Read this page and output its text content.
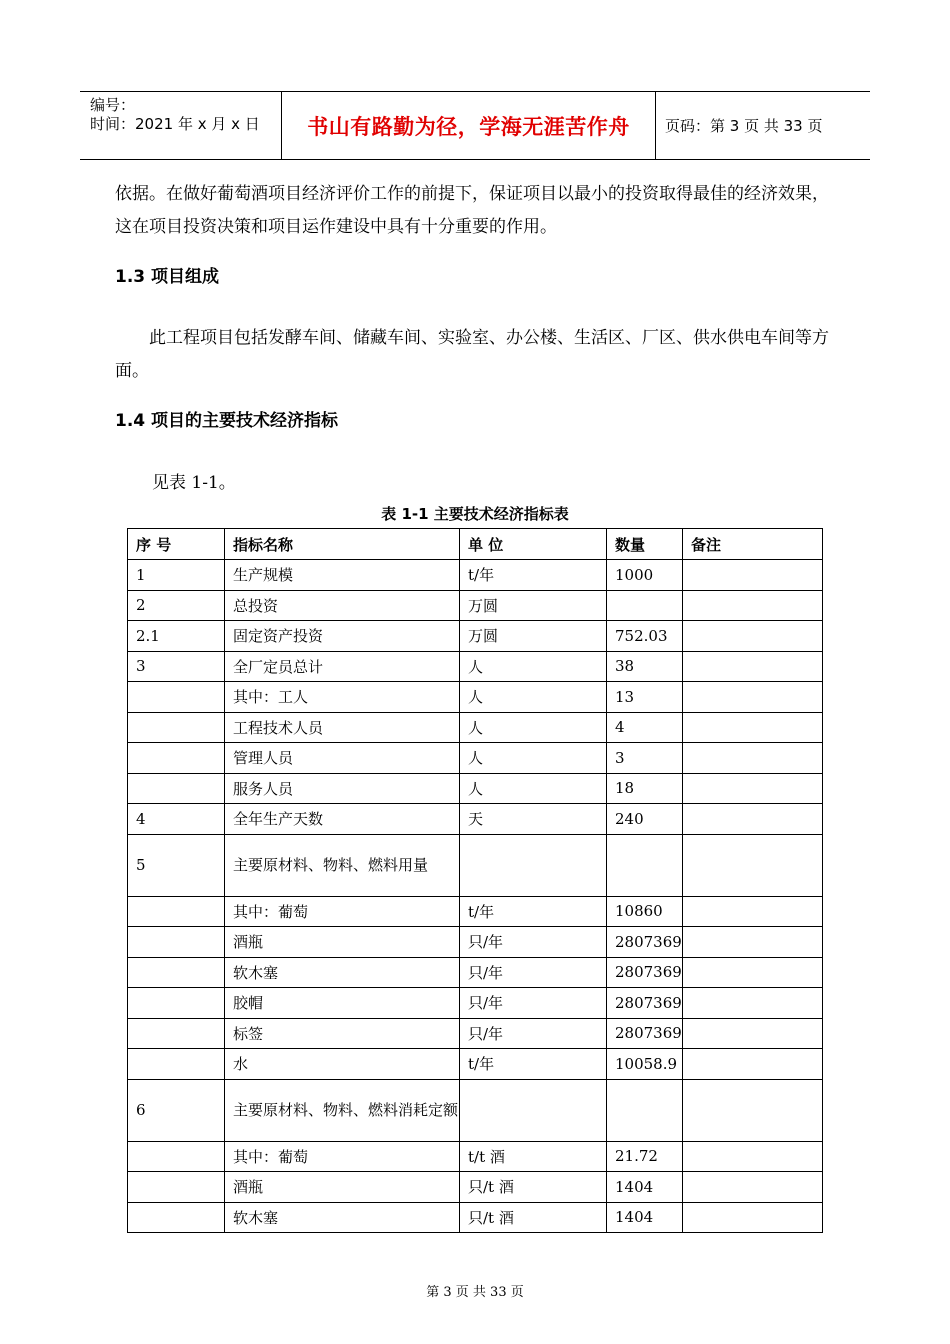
编号：
时间：2021 年 x 月 x 日 书山有路勤为径，学海无涯苦作舟 页码：第 3 页 共 33 页
依据。在做好葡萄酒项目经济评价工作的前提下，保证项目以最小的投资取得最佳的经济效果，这在项目投资决策和项目运作建设中具有十分重要的作用。
1.3 项目组成
此工程项目包括发酵车间、储藏车间、实验室、办公楼、生活区、厂区、供水供电车间等方面。
1.4 项目的主要技术经济指标
见表 1-1。
表 1-1 主要技术经济指标表
序 号	指标名称	单 位	数量	备注
1	生产规模	t/年	1000	
2	总投资	万圆		
2.1	固定资产投资	万圆	752.03	
3	全厂定员总计	人	38	
	其中：工人	人	13	
	工程技术人员	人	4	
	管理人员	人	3	
	服务人员	人	18	
4	全年生产天数	天	240	
5	主要原材料、物料、燃料用量			
	其中：葡萄	t/年	10860	
	酒瓶	只/年	2807369	
	软木塞	只/年	2807369	
	胶帽	只/年	2807369	
	标签	只/年	2807369	
	水	t/年	10058.9	
6	主要原材料、物料、燃料消耗定额			
	其中：葡萄	t/t 酒	21.72	
	酒瓶	只/t 酒	1404	
	软木塞	只/t 酒	1404	
第 3 页 共 33 页
